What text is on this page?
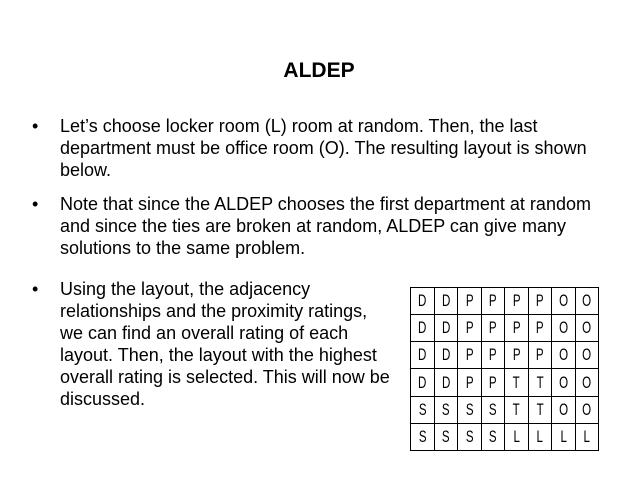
ALDEP
• Let’s choose locker room (L) room at random. Then, the last department must be office room (O). The resulting layout is shown below.
• Note that since the ALDEP chooses the first department at random and since the ties are broken at random, ALDEP can give many solutions to the same problem.
• Using the layout, the adjacency relationships and the proximity ratings, we can find an overall rating of each layout. Then, the layout with the highest overall rating is selected. This will now be discussed.
D	D	P	P	P	P	O	O
D	D	P	P	P	P	O	O
D	D	P	P	P	P	O	O
D	D	P	P	T	T	O	O
S	S	S	S	T	T	O	O
S	S	S	S	L	L	L	L
